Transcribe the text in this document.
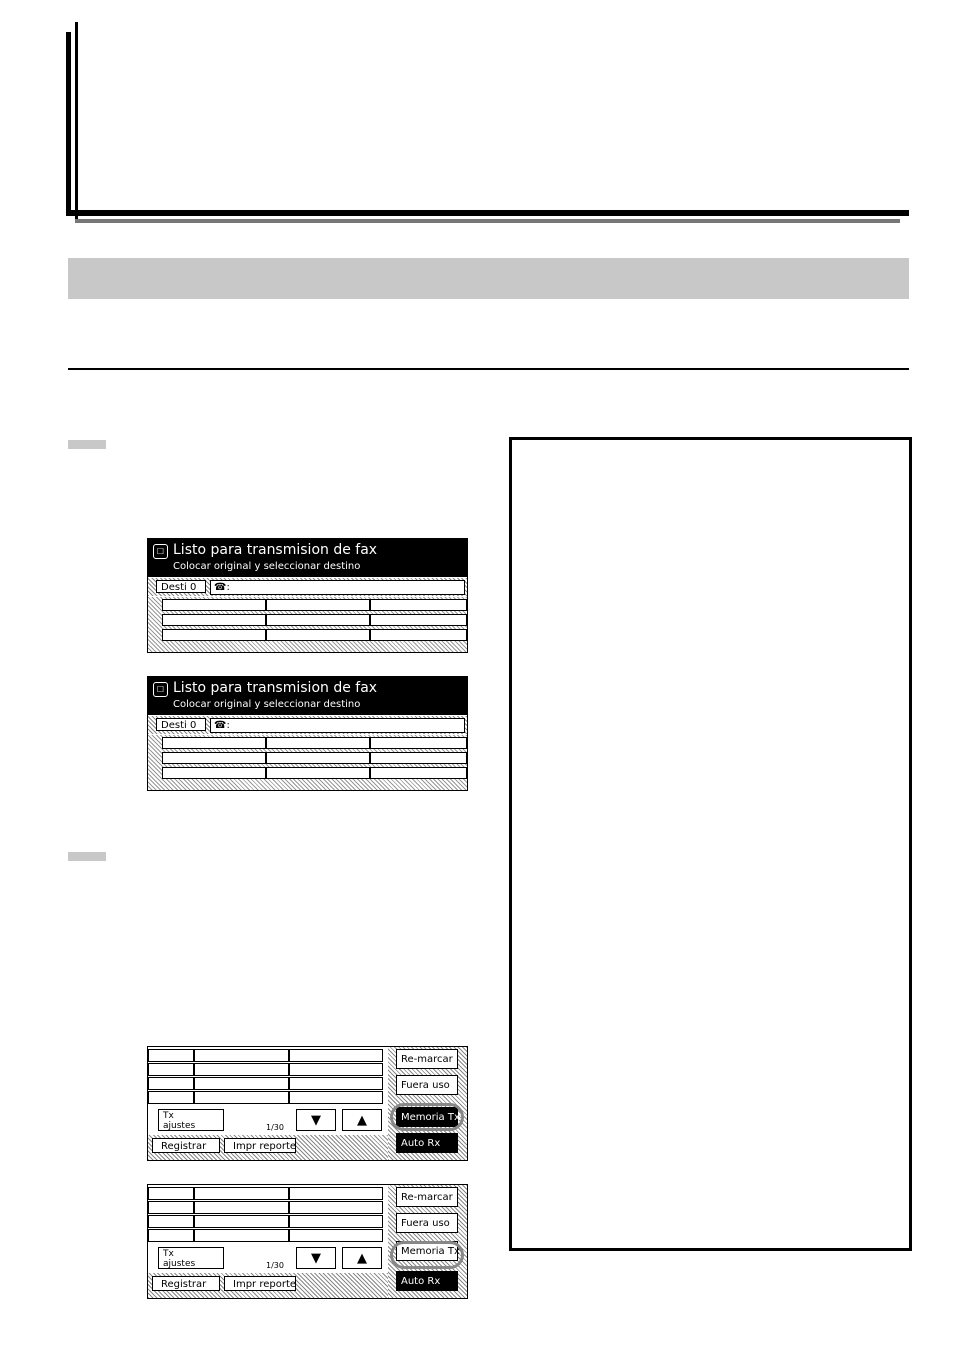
☐ Listo para transmision de fax
Colocar original y seleccionar destino
Desti 0	☎:
☐ Listo para transmision de fax
Colocar original y seleccionar destino
Desti 0	☎:
Tx
ajustes	1/30	▼	▲
Registrar	Impr reporte
Re-marcar
Fuera uso
Memoria Tx
Auto Rx
Tx
ajustes	1/30	▼	▲
Registrar	Impr reporte
Re-marcar
Fuera uso
Memoria Tx
Auto Rx
